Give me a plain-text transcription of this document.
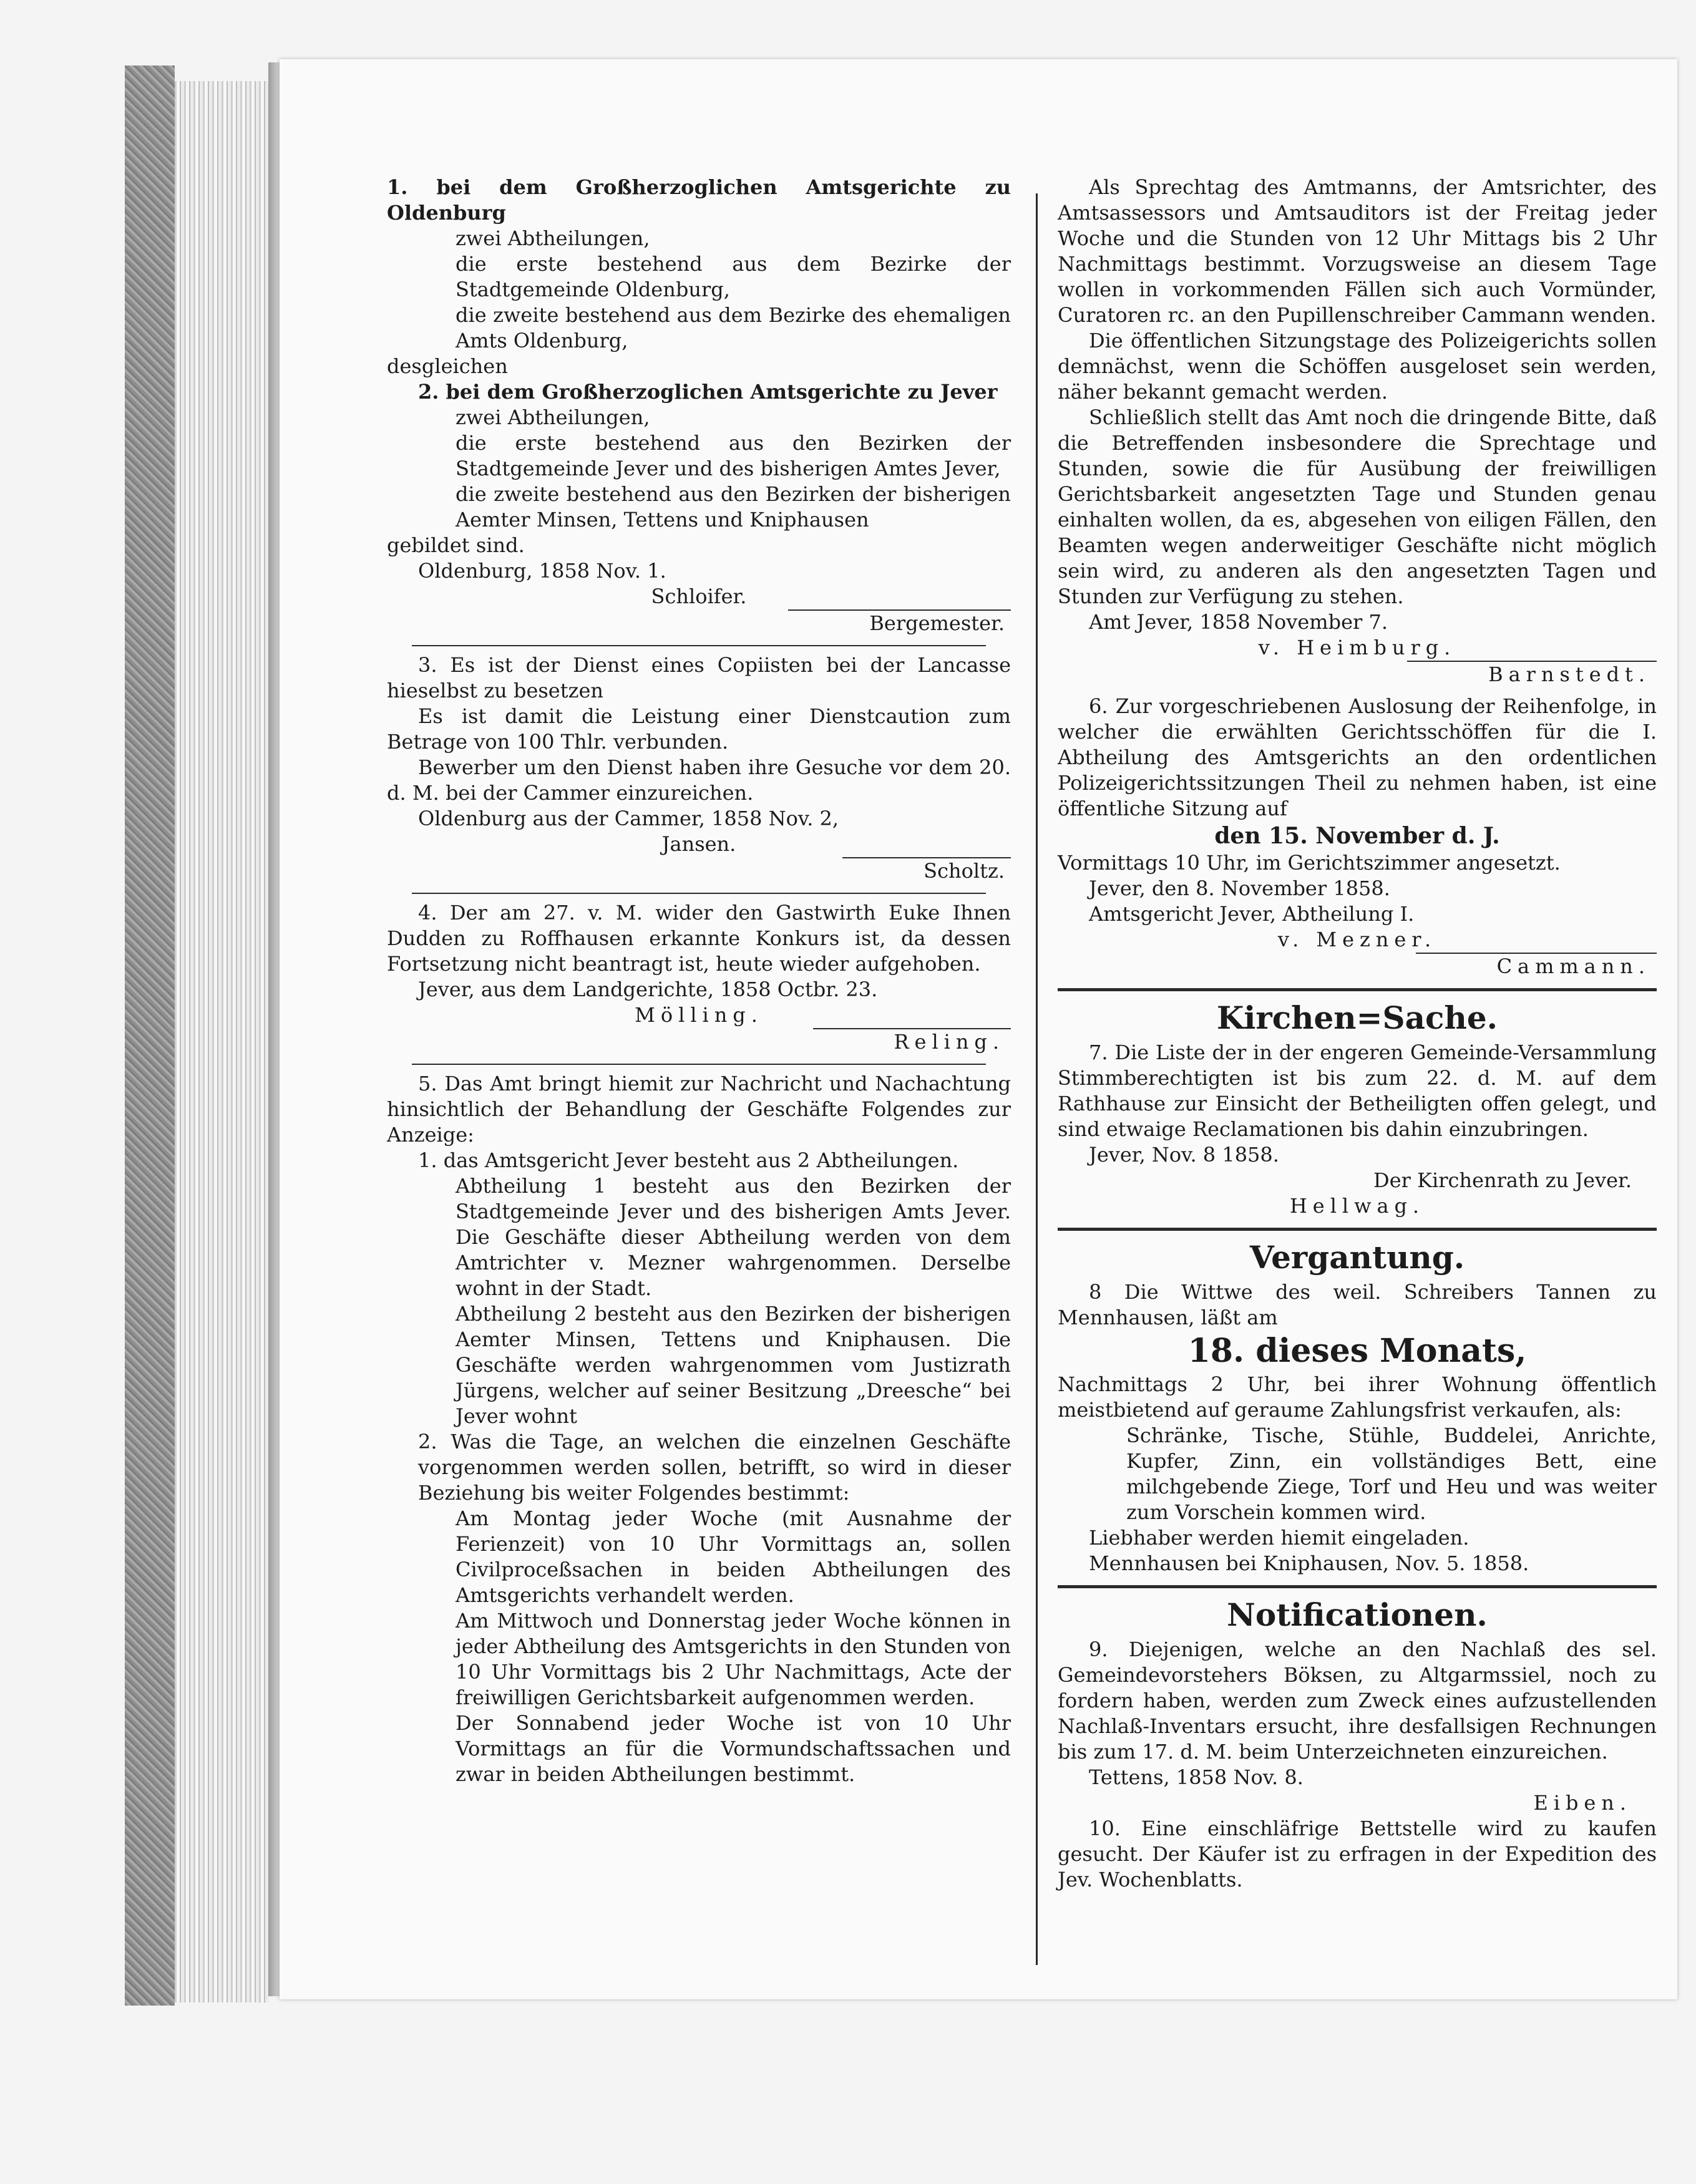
1. bei dem Großherzoglichen Amtsgerichte zu Oldenburg

zwei Abtheilungen,

die erste bestehend aus dem Bezirke der Stadtgemeinde Oldenburg,

die zweite bestehend aus dem Bezirke des ehemaligen Amts Oldenburg,

desgleichen

2. bei dem Großherzoglichen Amtsgerichte zu Jever

zwei Abtheilungen,

die erste bestehend aus den Bezirken der Stadtgemeinde Jever und des bisherigen Amtes Jever,

die zweite bestehend aus den Bezirken der bisherigen Aemter Minsen, Tettens und Kniphausen

gebildet sind.

Oldenburg, 1858 Nov. 1.

Schloifer.

Bergemester.

3. Es ist der Dienst eines Copiisten bei der Lancasse hieselbst zu besetzen

Es ist damit die Leistung einer Dienstcaution zum Betrage von 100 Thlr. verbunden.

Bewerber um den Dienst haben ihre Gesuche vor dem 20. d. M. bei der Cammer einzureichen.

Oldenburg aus der Cammer, 1858 Nov. 2,

Jansen.

Scholtz.

4. Der am 27. v. M. wider den Gastwirth Euke Ihnen Dudden zu Roffhausen erkannte Konkurs ist, da dessen Fortsetzung nicht beantragt ist, heute wieder aufgehoben.

Jever, aus dem Landgerichte, 1858 Octbr. 23.

Mölling.

Reling.

5. Das Amt bringt hiemit zur Nachricht und Nachachtung hinsichtlich der Behandlung der Geschäfte Folgendes zur Anzeige:

1. das Amtsgericht Jever besteht aus 2 Abtheilungen.

Abtheilung 1 besteht aus den Bezirken der Stadtgemeinde Jever und des bisherigen Amts Jever. Die Geschäfte dieser Abtheilung werden von dem Amtrichter v. Mezner wahrgenommen. Derselbe wohnt in der Stadt.

Abtheilung 2 besteht aus den Bezirken der bisherigen Aemter Minsen, Tettens und Kniphausen. Die Geschäfte werden wahrgenommen vom Justizrath Jürgens, welcher auf seiner Besitzung „Dreesche“ bei Jever wohnt

2. Was die Tage, an welchen die einzelnen Geschäfte vorgenommen werden sollen, betrifft, so wird in dieser Beziehung bis weiter Folgendes bestimmt:

Am Montag jeder Woche (mit Ausnahme der Ferienzeit) von 10 Uhr Vormittags an, sollen Civilproceßsachen in beiden Abtheilungen des Amtsgerichts verhandelt werden.

Am Mittwoch und Donnerstag jeder Woche können in jeder Abtheilung des Amtsgerichts in den Stunden von 10 Uhr Vormittags bis 2 Uhr Nachmittags, Acte der freiwilligen Gerichtsbarkeit aufgenommen werden.

Der Sonnabend jeder Woche ist von 10 Uhr Vormittags an für die Vormundschaftssachen und zwar in beiden Abtheilungen bestimmt.

Als Sprechtag des Amtmanns, der Amtsrichter, des Amtsassessors und Amtsauditors ist der Freitag jeder Woche und die Stunden von 12 Uhr Mittags bis 2 Uhr Nachmittags bestimmt. Vorzugsweise an diesem Tage wollen in vorkommenden Fällen sich auch Vormünder, Curatoren rc. an den Pupillenschreiber Cammann wenden.

Die öffentlichen Sitzungstage des Polizeigerichts sollen demnächst, wenn die Schöffen ausgeloset sein werden, näher bekannt gemacht werden.

Schließlich stellt das Amt noch die dringende Bitte, daß die Betreffenden insbesondere die Sprechtage und Stunden, sowie die für Ausübung der freiwilligen Gerichtsbarkeit angesetzten Tage und Stunden genau einhalten wollen, da es, abgesehen von eiligen Fällen, den Beamten wegen anderweitiger Geschäfte nicht möglich sein wird, zu anderen als den angesetzten Tagen und Stunden zur Verfügung zu stehen.

Amt Jever, 1858 November 7.

v. Heimburg.

Barnstedt.

6. Zur vorgeschriebenen Auslosung der Reihenfolge, in welcher die erwählten Gerichtsschöffen für die I. Abtheilung des Amtsgerichts an den ordentlichen Polizeigerichtssitzungen Theil zu nehmen haben, ist eine öffentliche Sitzung auf

den 15. November d. J.

Vormittags 10 Uhr, im Gerichtszimmer angesetzt.

Jever, den 8. November 1858.

Amtsgericht Jever, Abtheilung I.

v. Mezner.

Cammann.

Kirchen=Sache.

7. Die Liste der in der engeren Gemeinde-Versammlung Stimmberechtigten ist bis zum 22. d. M. auf dem Rathhause zur Einsicht der Betheiligten offen gelegt, und sind etwaige Reclamationen bis dahin einzubringen.

Jever, Nov. 8 1858.

Der Kirchenrath zu Jever.

Hellwag.

Vergantung.

8 Die Wittwe des weil. Schreibers Tannen zu Mennhausen, läßt am

18. dieses Monats,

Nachmittags 2 Uhr, bei ihrer Wohnung öffentlich meistbietend auf geraume Zahlungsfrist verkaufen, als:

Schränke, Tische, Stühle, Buddelei, Anrichte, Kupfer, Zinn, ein vollständiges Bett, eine milchgebende Ziege, Torf und Heu und was weiter zum Vorschein kommen wird.

Liebhaber werden hiemit eingeladen.

Mennhausen bei Kniphausen, Nov. 5. 1858.

Notificationen.

9. Diejenigen, welche an den Nachlaß des sel. Gemeindevorstehers Böksen, zu Altgarmssiel, noch zu fordern haben, werden zum Zweck eines aufzustellenden Nachlaß-Inventars ersucht, ihre desfallsigen Rechnungen bis zum 17. d. M. beim Unterzeichneten einzureichen.

Tettens, 1858 Nov. 8.

Eiben.

10. Eine einschläfrige Bettstelle wird zu kaufen gesucht. Der Käufer ist zu erfragen in der Expedition des Jev. Wochenblatts.
